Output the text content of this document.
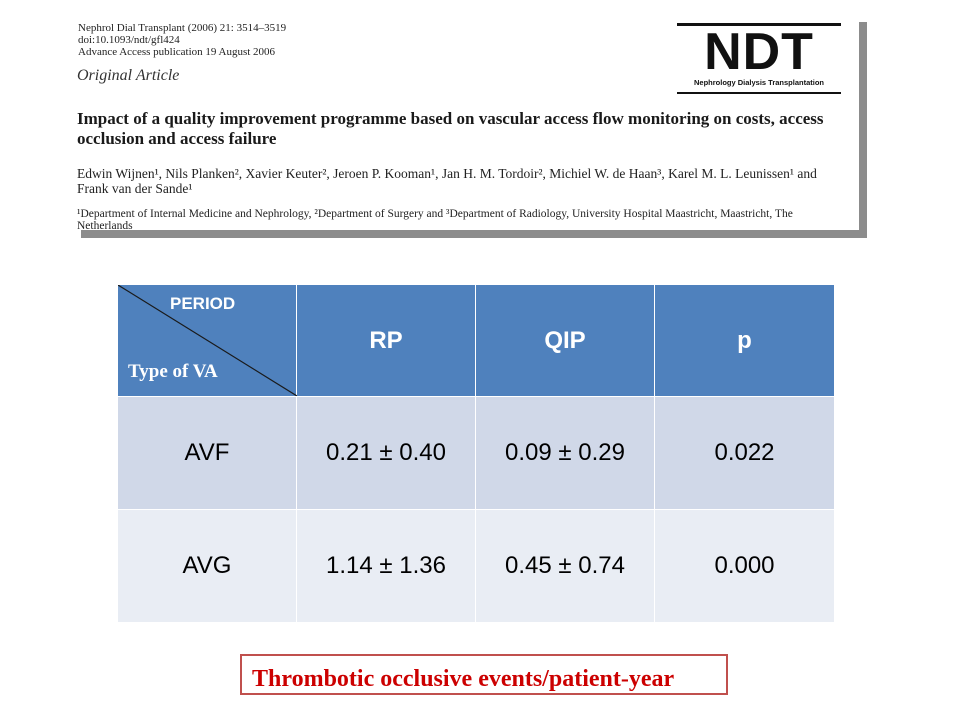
Nephrol Dial Transplant (2006) 21: 3514–3519
doi:10.1093/ndt/gfl424
Advance Access publication 19 August 2006
Original Article	NDT
Nephrology Dialysis Transplantation
Impact of a quality improvement programme based on vascular access flow monitoring on costs, access occlusion and access failure
Edwin Wijnen¹, Nils Planken², Xavier Keuter², Jeroen P. Kooman¹, Jan H. M. Tordoir², Michiel W. de Haan³, Karel M. L. Leunissen¹ and Frank van der Sande¹
¹Department of Internal Medicine and Nephrology, ²Department of Surgery and ³Department of Radiology, University Hospital Maastricht, Maastricht, The Netherlands
PERIOD
Type of VA	RP	QIP	p
AVF	0.21 ± 0.40	0.09 ± 0.29	0.022
AVG	1.14 ± 1.36	0.45 ± 0.74	0.000
Thrombotic occlusive events/patient-year
